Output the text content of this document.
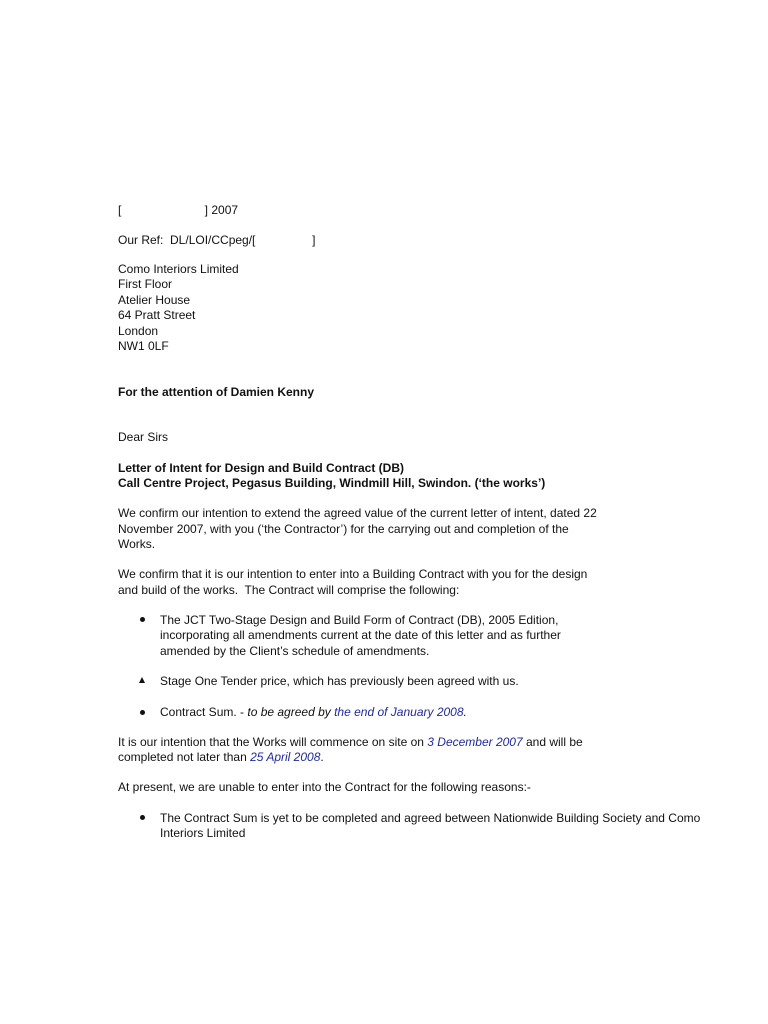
[                         ] 2007
Our Ref:  DL/LOI/CCpeg/[                 ]
Como Interiors Limited
First Floor
Atelier House
64 Pratt Street
London
NW1 0LF
For the attention of Damien Kenny
Dear Sirs
Letter of Intent for Design and Build Contract (DB)
Call Centre Project, Pegasus Building, Windmill Hill, Swindon. (‘the works’)
We confirm our intention to extend the agreed value of the current letter of intent, dated 22
November 2007, with you (‘the Contractor’) for the carrying out and completion of the
Works.
We confirm that it is our intention to enter into a Building Contract with you for the design
and build of the works.  The Contract will comprise the following:
The JCT Two-Stage Design and Build Form of Contract (DB), 2005 Edition,
incorporating all amendments current at the date of this letter and as further
amended by the Client’s schedule of amendments.
Stage One Tender price, which has previously been agreed with us.
Contract Sum. - to be agreed by the end of January 2008.
It is our intention that the Works will commence on site on 3 December 2007 and will be
completed not later than 25 April 2008.
At present, we are unable to enter into the Contract for the following reasons:-
The Contract Sum is yet to be completed and agreed between Nationwide Building Society and Como
Interiors Limited
